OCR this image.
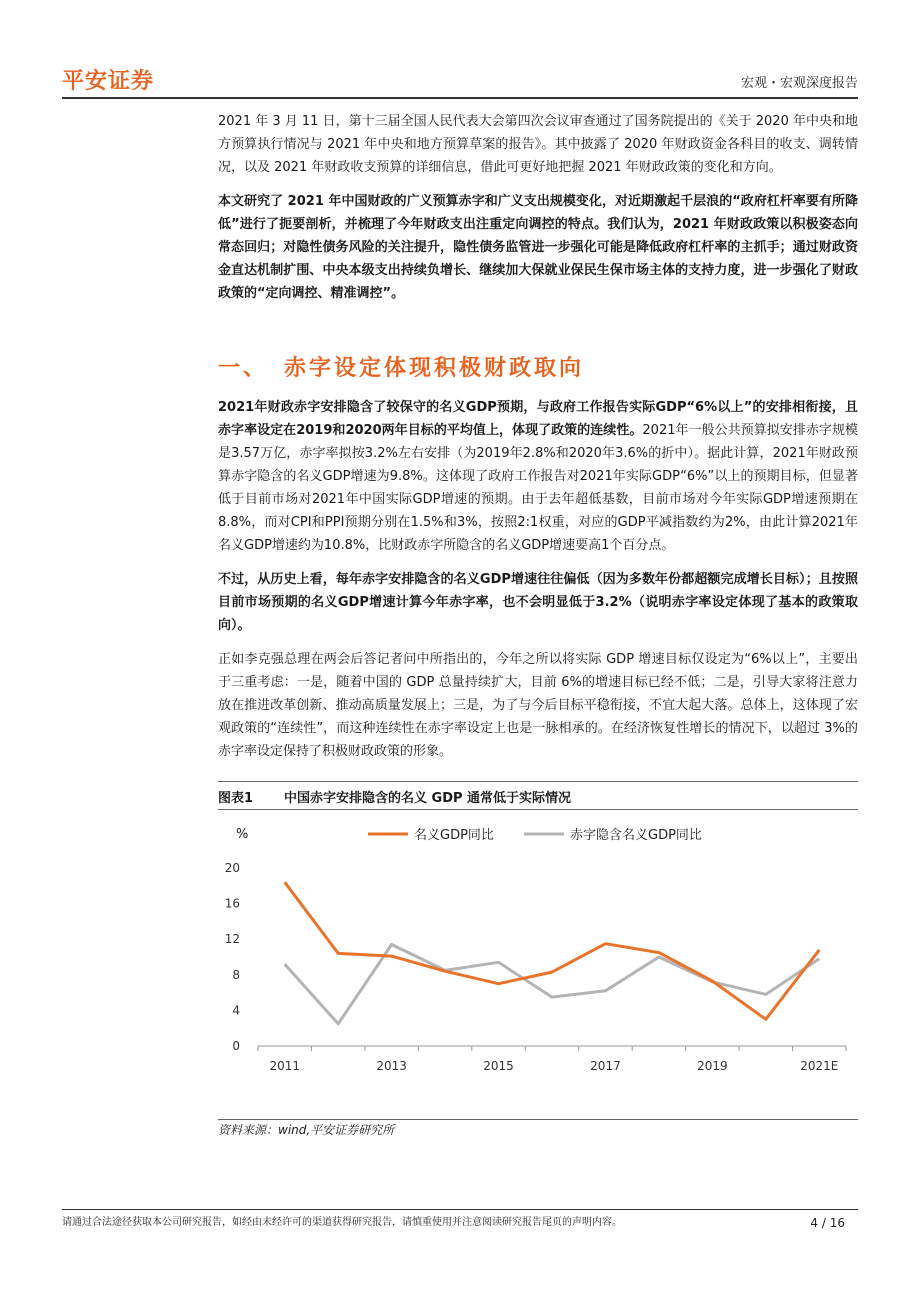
平安证券	宏观・宏观深度报告

2021 年 3 月 11 日，第十三届全国人民代表大会第四次会议审查通过了国务院提出的《关于 2020 年中央和地方预算执行情况与 2021 年中央和地方预算草案的报告》。其中披露了 2020 年财政资金各科目的收支、调转情况，以及 2021 年财政收支预算的详细信息，借此可更好地把握 2021 年财政政策的变化和方向。

本文研究了 2021 年中国财政的广义预算赤字和广义支出规模变化，对近期激起千层浪的“政府杠杆率要有所降低”进行了扼要剖析，并梳理了今年财政支出注重定向调控的特点。我们认为，2021 年财政政策以积极姿态向常态回归；对隐性债务风险的关注提升，隐性债务监管进一步强化可能是降低政府杠杆率的主抓手；通过财政资金直达机制扩围、中央本级支出持续负增长、继续加大保就业保民生保市场主体的支持力度，进一步强化了财政政策的“定向调控、精准调控”。

一、 赤字设定体现积极财政取向

2021年财政赤字安排隐含了较保守的名义GDP预期，与政府工作报告实际GDP“6%以上”的安排相衔接，且赤字率设定在2019和2020两年目标的平均值上，体现了政策的连续性。2021年一般公共预算拟安排赤字规模是3.57万亿，赤字率拟按3.2%左右安排（为2019年2.8%和2020年3.6%的折中）。据此计算，2021年财政预算赤字隐含的名义GDP增速为9.8%。这体现了政府工作报告对2021年实际GDP“6%”以上的预期目标，但显著低于目前市场对2021年中国实际GDP增速的预期。由于去年超低基数，目前市场对今年实际GDP增速预期在8.8%，而对CPI和PPI预期分别在1.5%和3%，按照2:1权重，对应的GDP平减指数约为2%，由此计算2021年名义GDP增速约为10.8%，比财政赤字所隐含的名义GDP增速要高1个百分点。

不过，从历史上看，每年赤字安排隐含的名义GDP增速往往偏低（因为多数年份都超额完成增长目标）；且按照目前市场预期的名义GDP增速计算今年赤字率，也不会明显低于3.2%（说明赤字率设定体现了基本的政策取向）。

正如李克强总理在两会后答记者问中所指出的，今年之所以将实际 GDP 增速目标仅设定为“6%以上”，主要出于三重考虑：一是，随着中国的 GDP 总量持续扩大，目前 6%的增速目标已经不低；二是，引导大家将注意力放在推进改革创新、推动高质量发展上；三是，为了与今后目标平稳衔接，不宜大起大落。总体上，这体现了宏观政策的“连续性”，而这种连续性在赤字率设定上也是一脉相承的。在经济恢复性增长的情况下，以超过 3%的赤字率设定保持了积极财政政策的形象。

图表1 中国赤字安排隐含的名义 GDP 通常低于实际情况
%	名义GDP同比	赤字隐含名义GDP同比
0
4
8
12
16
20
2011	2013	2015	2017	2019	2021E
资料来源：wind,平安证券研究所
请通过合法途径获取本公司研究报告，如经由未经许可的渠道获得研究报告，请慎重使用并注意阅读研究报告尾页的声明内容。	4 / 16
